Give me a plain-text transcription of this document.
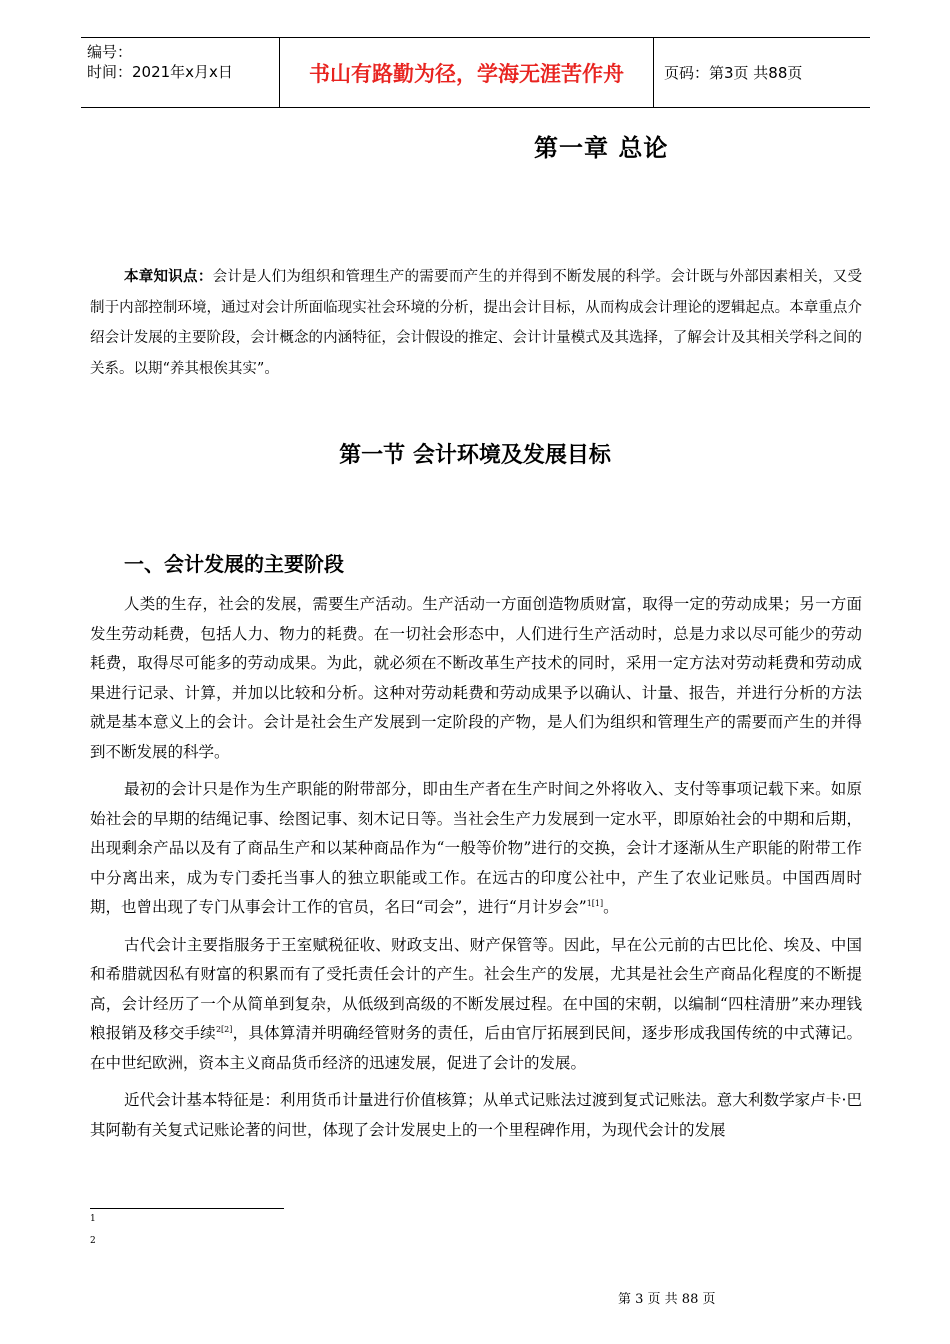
编号：
时间：2021年x月x日	书山有路勤为径，学海无涯苦作舟	页码：第3页 共88页
第一章 总论
本章知识点：会计是人们为组织和管理生产的需要而产生的并得到不断发展的科学。会计既与外部因素相关，又受制于内部控制环境，通过对会计所面临现实社会环境的分析，提出会计目标，从而构成会计理论的逻辑起点。本章重点介绍会计发展的主要阶段，会计概念的内涵特征，会计假设的推定、会计计量模式及其选择，了解会计及其相关学科之间的关系。以期“养其根俟其实”。
第一节 会计环境及发展目标
一、会计发展的主要阶段

人类的生存，社会的发展，需要生产活动。生产活动一方面创造物质财富，取得一定的劳动成果；另一方面发生劳动耗费，包括人力、物力的耗费。在一切社会形态中，人们进行生产活动时，总是力求以尽可能少的劳动耗费，取得尽可能多的劳动成果。为此，就必须在不断改革生产技术的同时，采用一定方法对劳动耗费和劳动成果进行记录、计算，并加以比较和分析。这种对劳动耗费和劳动成果予以确认、计量、报告，并进行分析的方法就是基本意义上的会计。会计是社会生产发展到一定阶段的产物，是人们为组织和管理生产的需要而产生的并得到不断发展的科学。

最初的会计只是作为生产职能的附带部分，即由生产者在生产时间之外将收入、支付等事项记载下来。如原始社会的早期的结绳记事、绘图记事、刻木记日等。当社会生产力发展到一定水平，即原始社会的中期和后期，出现剩余产品以及有了商品生产和以某种商品作为“一般等价物”进行的交换，会计才逐渐从生产职能的附带工作中分离出来，成为专门委托当事人的独立职能或工作。在远古的印度公社中，产生了农业记账员。中国西周时期，也曾出现了专门从事会计工作的官员，名曰“司会”，进行“月计岁会”$^{1[1]}$。

古代会计主要指服务于王室赋税征收、财政支出、财产保管等。因此，早在公元前的古巴比伦、埃及、中国和希腊就因私有财富的积累而有了受托责任会计的产生。社会生产的发展，尤其是社会生产商品化程度的不断提高，会计经历了一个从简单到复杂，从低级到高级的不断发展过程。在中国的宋朝，以编制“四柱清册”来办理钱粮报销及移交手续$^{2[2]}$，具体算清并明确经管财务的责任，后由官厅拓展到民间，逐步形成我国传统的中式薄记。在中世纪欧洲，资本主义商品货币经济的迅速发展，促进了会计的发展。

近代会计基本特征是：利用货币计量进行价值核算；从单式记账法过渡到复式记账法。意大利数学家卢卡·巴其阿勒有关复式记账论著的问世，体现了会计发展史上的一个里程碑作用，为现代会计的发展

1
2
第 3 页 共 88 页
